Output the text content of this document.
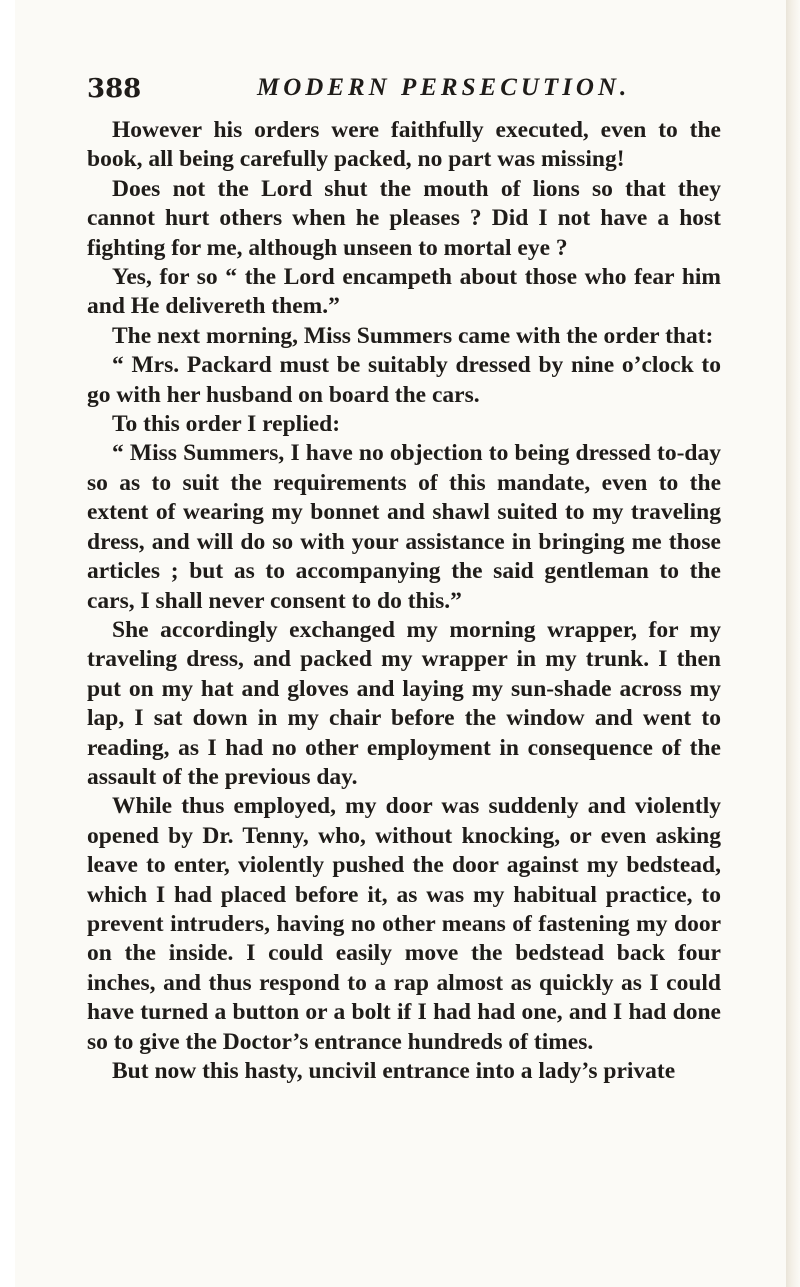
388	MODERN PERSECUTION.

However his orders were faithfully executed, even to the book, all being carefully packed, no part was missing!

Does not the Lord shut the mouth of lions so that they cannot hurt others when he pleases ? Did I not have a host fighting for me, although unseen to mortal eye ?

Yes, for so “ the Lord encampeth about those who fear him and He delivereth them.”

The next morning, Miss Summers came with the order that:

“ Mrs. Packard must be suitably dressed by nine o’clock to go with her husband on board the cars.

To this order I replied:

“ Miss Summers, I have no objection to being dressed to-day so as to suit the requirements of this mandate, even to the extent of wearing my bonnet and shawl suited to my traveling dress, and will do so with your assistance in bringing me those articles ; but as to accompanying the said gentleman to the cars, I shall never consent to do this.”

She accordingly exchanged my morning wrapper, for my traveling dress, and packed my wrapper in my trunk. I then put on my hat and gloves and laying my sun-shade across my lap, I sat down in my chair before the window and went to reading, as I had no other employment in consequence of the assault of the previous day.

While thus employed, my door was suddenly and violently opened by Dr. Tenny, who, without knocking, or even asking leave to enter, violently pushed the door against my bedstead, which I had placed before it, as was my habitual practice, to prevent intruders, having no other means of fastening my door on the inside. I could easily move the bedstead back four inches, and thus respond to a rap almost as quickly as I could have turned a button or a bolt if I had had one, and I had done so to give the Doctor’s entrance hundreds of times.

But now this hasty, uncivil entrance into a lady’s private
